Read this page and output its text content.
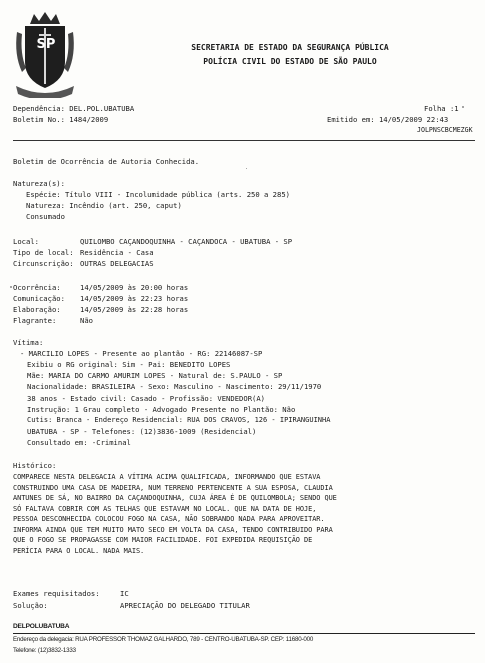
SP	SECRETARIA DE ESTADO DA SEGURANÇA PÚBLICA
POLÍCIA CIVIL DO ESTADO DE SÃO PAULO
Dependência: DEL.POL.UBATUBA	Folha :1
Boletim No.: 1484/2009	Emitido em: 14/05/2009 22:43
JOLPNSCBCMEZGK
Boletim de Ocorrência de Autoria Conhecida.
Natureza(s):
Espécie: Título VIII - Incolumidade pública (arts. 250 a 285)
Natureza: Incêndio (art. 250, caput)
Consumado
Local:	QUILOMBO CAÇANDOQUINHA - CAÇANDOCA - UBATUBA - SP
Tipo de local: Residência - Casa
Circunscrição: OUTRAS DELEGACIAS
Ocorrência:	14/05/2009 às 20:00 horas
Comunicação: 14/05/2009 às 22:23 horas
Elaboração:	14/05/2009 às 22:28 horas
Flagrante:	Não
Vítima:
- MARCILIO LOPES - Presente ao plantão - RG: 22146087-SP
Exibiu o RG original: Sim - Pai: BENEDITO LOPES
Mãe: MARIA DO CARMO AMURIM LOPES - Natural de: S.PAULO - SP
Nacionalidade: BRASILEIRA - Sexo: Masculino - Nascimento: 29/11/1970
38 anos - Estado civil: Casado - Profissão: VENDEDOR(A)
Instrução: 1 Grau completo - Advogado Presente no Plantão: Não
Cutis: Branca - Endereço Residencial: RUA DOS CRAVOS, 126 - IPIRANGUINHA
UBATUBA - SP - Telefones: (12)3836-1009 (Residencial)
Consultado em: -Criminal
Histórico:
COMPARECE NESTA DELEGACIA A VÍTIMA ACIMA QUALIFICADA, INFORMANDO QUE ESTAVA
CONSTRUINDO UMA CASA DE MADEIRA, NUM TERRENO PERTENCENTE A SUA ESPOSA, CLAUDIA
ANTUNES DE SÁ, NO BAIRRO DA CAÇANDOQUINHA, CUJA ÁREA É DE QUILOMBOLA; SENDO QUE
SÓ FALTAVA COBRIR COM AS TELHAS QUE ESTAVAM NO LOCAL. QUE NA DATA DE HOJE,
PESSOA DESCONHECIDA COLOCOU FOGO NA CASA, NÃO SOBRANDO NADA PARA APROVEITAR.
INFORMA AINDA QUE TEM MUITO MATO SECO EM VOLTA DA CASA, TENDO CONTRIBUIDO PARA
QUE O FOGO SE PROPAGASSE COM MAIOR FACILIDADE. FOI EXPEDIDA REQUISIÇÃO DE
PERÍCIA PARA O LOCAL. NADA MAIS.
Exames requisitados:	IC
Solução:	APRECIAÇÃO DO DELEGADO TITULAR
DELPOLUBATUBA
Endereço da delegacia: RUA PROFESSOR THOMAZ GALHARDO, 789 - CENTRO-UBATUBA-SP. CEP: 11680-000
Telefone: (12)3832-1333
